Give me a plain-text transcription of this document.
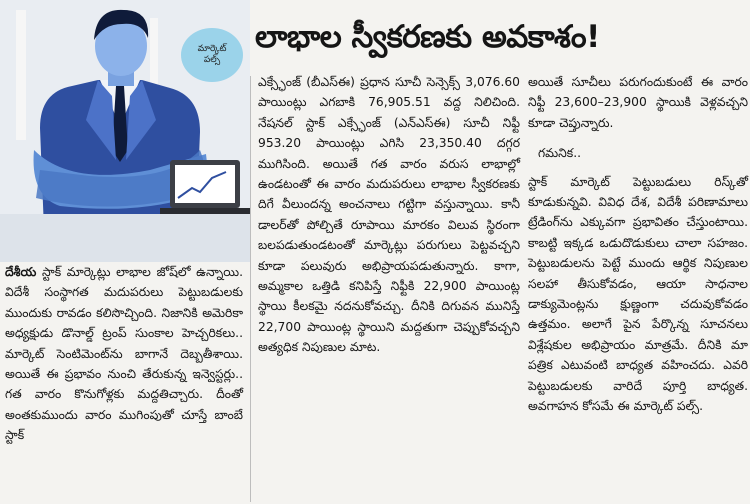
మార్కెట్
పల్స్
లాభాల స్వీకరణకు అవకాశం!

దేశీయ స్టాక్ మార్కెట్లు లాభాల జోష్‌లో ఉన్నాయి. విదేశీ సంస్థాగత మదుపరులు పెట్టుబడులకు ముందుకు రావడం కలిసొచ్చింది. నిజానికి అమెరికా అధ్యక్షుడు డొనాల్డ్ ట్రంప్ సుంకాల హెచ్చరికలు.. మార్కెట్ సెంటిమెంట్‌ను బాగానే దెబ్బతీశాయి. అయితే ఈ ప్రభావం నుంచి తేరుకున్న ఇన్వెస్టర్లు.. గత వారం కొనుగోళ్లకు మద్దతిచ్చారు. దీంతో అంతకుముందు వారం ముగింపుతో చూస్తే బాంబే స్టాక్

ఎక్స్ఛేంజ్ (బీఎస్ఈ) ప్రధాన సూచీ సెన్సెక్స్ 3,076.60 పాయింట్లు ఎగబాకి 76,905.51 వద్ద నిలిచింది. నేషనల్ స్టాక్ ఎక్స్ఛేంజ్ (ఎన్ఎస్ఈ) సూచీ నిఫ్టీ 953.20 పాయింట్లు ఎగిసి 23,350.40 దగ్గర ముగిసింది. అయితే గత వారం వరుస లాభాల్లో ఉండటంతో ఈ వారం మదుపరులు లాభాల స్వీకరణకు దిగే వీలుందన్న అంచనాలు గట్టిగా వస్తున్నాయి. కానీ డాలర్‌తో పోల్చితే రూపాయి మారకం విలువ స్థిరంగా బలపడుతుండటంతో మార్కెట్లు పరుగులు పెట్టవచ్చని కూడా పలువురు అభిప్రాయపడుతున్నారు. కాగా, అమ్మకాల ఒత్తిడి కనిపిస్తే నిఫ్టీకి 22,900 పాయింట్ల స్థాయి కీలకమై నదనుకోవచ్చు. దీనికి దిగువన మునిస్తే 22,700 పాయింట్ల స్థాయిని మద్దతుగా చెప్పుకోవచ్చని అత్యధిక నిపుణుల మాట.

అయితే సూచీలు పరుగందుకుంటే ఈ వారం నిఫ్టీ 23,600–23,900 స్థాయికి వెళ్లవచ్చని కూడా చెప్తున్నారు.

గమనిక..

స్టాక్ మార్కెట్ పెట్టుబడులు రిస్క్‌తో కూడుకున్నవి. వివిధ దేశ, విదేశీ పరిణామాలు ట్రేడింగ్‌ను ఎక్కువగా ప్రభావితం చేస్తుంటాయి. కాబట్టి ఇక్కడ ఒడుదొడుకులు చాలా సహజం. పెట్టుబడులను పెట్టే ముందు ఆర్థిక నిపుణుల సలహా తీసుకోవడం, ఆయా సాధనాల డాక్యుమెంట్లను క్షుణ్ణంగా చదువుకోవడం ఉత్తమం. అలాగే పైన పేర్కొన్న సూచనలు విశ్లేషకుల అభిప్రాయం మాత్రమే. దీనికి మా పత్రిక ఎటువంటి బాధ్యత వహించదు. ఎవరి పెట్టుబడులకు వారిదే పూర్తి బాధ్యత. అవగాహన కోసమే ఈ మార్కెట్ పల్స్.
